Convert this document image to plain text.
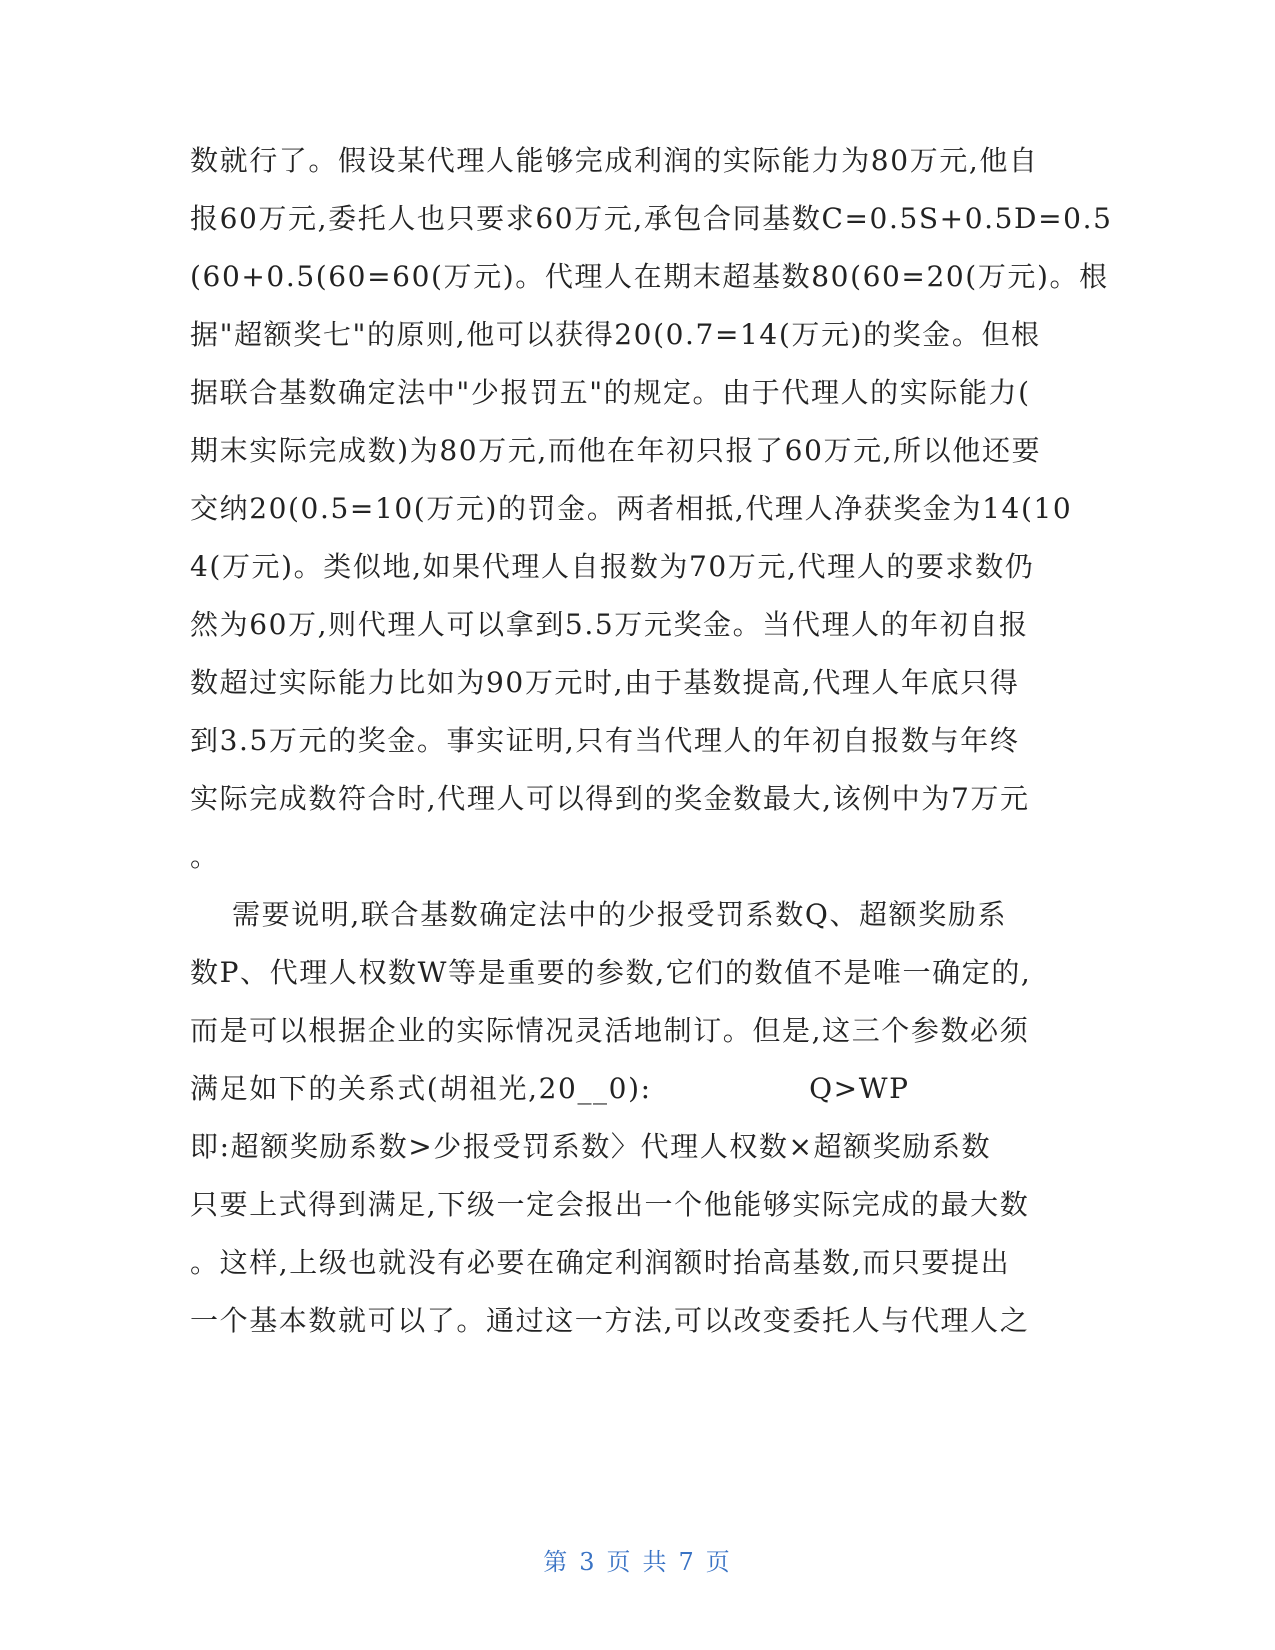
数就行了。假设某代理人能够完成利润的实际能力为80万元,他自
报60万元,委托人也只要求60万元,承包合同基数C=0.5S+0.5D=0.5
(60+0.5(60=60(万元)。代理人在期末超基数80(60=20(万元)。根
据"超额奖七"的原则,他可以获得20(0.7=14(万元)的奖金。但根
据联合基数确定法中"少报罚五"的规定。由于代理人的实际能力(
期末实际完成数)为80万元,而他在年初只报了60万元,所以他还要
交纳20(0.5=10(万元)的罚金。两者相抵,代理人净获奖金为14(10
4(万元)。类似地,如果代理人自报数为70万元,代理人的要求数仍
然为60万,则代理人可以拿到5.5万元奖金。当代理人的年初自报
数超过实际能力比如为90万元时,由于基数提高,代理人年底只得
到3.5万元的奖金。事实证明,只有当代理人的年初自报数与年终
实际完成数符合时,代理人可以得到的奖金数最大,该例中为7万元
。
需要说明,联合基数确定法中的少报受罚系数Q、超额奖励系
数P、代理人权数W等是重要的参数,它们的数值不是唯一确定的,
而是可以根据企业的实际情况灵活地制订。但是,这三个参数必须
满足如下的关系式(胡祖光,20__0):               Q>WP
即:超额奖励系数>少报受罚系数〉代理人权数×超额奖励系数
只要上式得到满足,下级一定会报出一个他能够实际完成的最大数
。这样,上级也就没有必要在确定利润额时抬高基数,而只要提出
一个基本数就可以了。通过这一方法,可以改变委托人与代理人之
第 3 页 共 7 页
